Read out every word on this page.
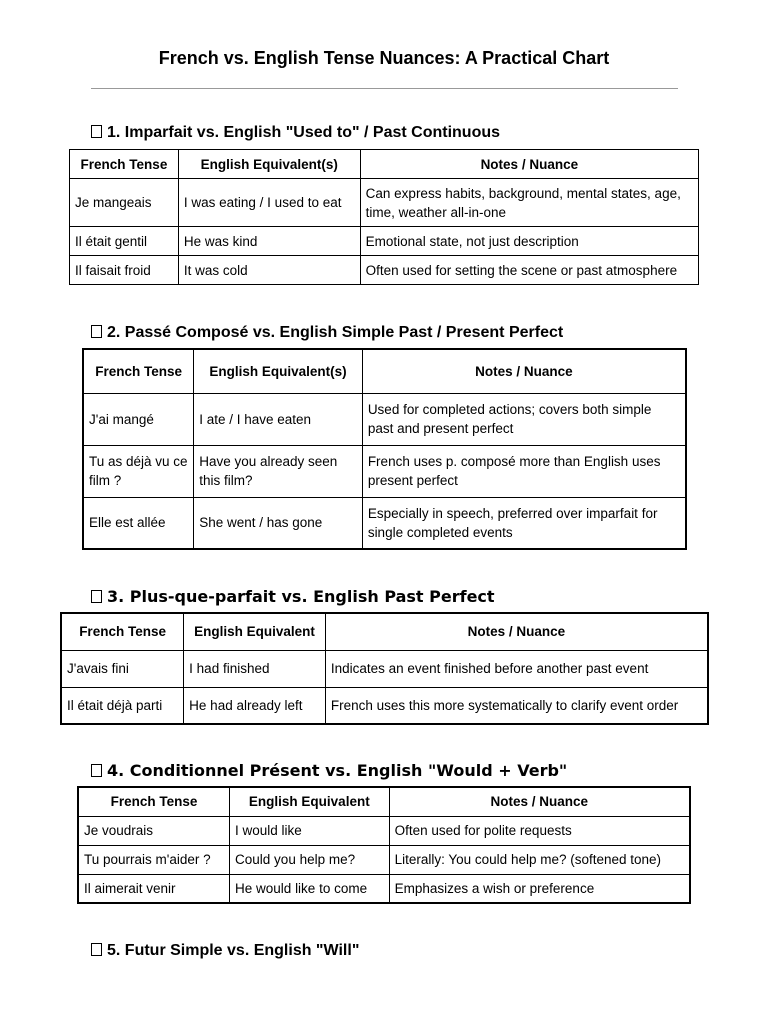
French vs. English Tense Nuances: A Practical Chart
1. Imparfait vs. English "Used to" / Past Continuous
French Tense	English Equivalent(s)	Notes / Nuance
Je mangeais	I was eating / I used to eat	Can express habits, background, mental states, age, time, weather all-in-one
Il était gentil	He was kind	Emotional state, not just description
Il faisait froid	It was cold	Often used for setting the scene or past atmosphere
2. Passé Composé vs. English Simple Past / Present Perfect
French Tense	English Equivalent(s)	Notes / Nuance
J'ai mangé	I ate / I have eaten	Used for completed actions; covers both simple past and present perfect
Tu as déjà vu ce film ?	Have you already seen this film?	French uses p. composé more than English uses present perfect
Elle est allée	She went / has gone	Especially in speech, preferred over imparfait for single completed events
3. Plus-que-parfait vs. English Past Perfect
French Tense	English Equivalent	Notes / Nuance
J'avais fini	I had finished	Indicates an event finished before another past event
Il était déjà parti	He had already left	French uses this more systematically to clarify event order
4. Conditionnel Présent vs. English "Would + Verb"
French Tense	English Equivalent	Notes / Nuance
Je voudrais	I would like	Often used for polite requests
Tu pourrais m'aider ?	Could you help me?	Literally: You could help me? (softened tone)
Il aimerait venir	He would like to come	Emphasizes a wish or preference
5. Futur Simple vs. English "Will"
